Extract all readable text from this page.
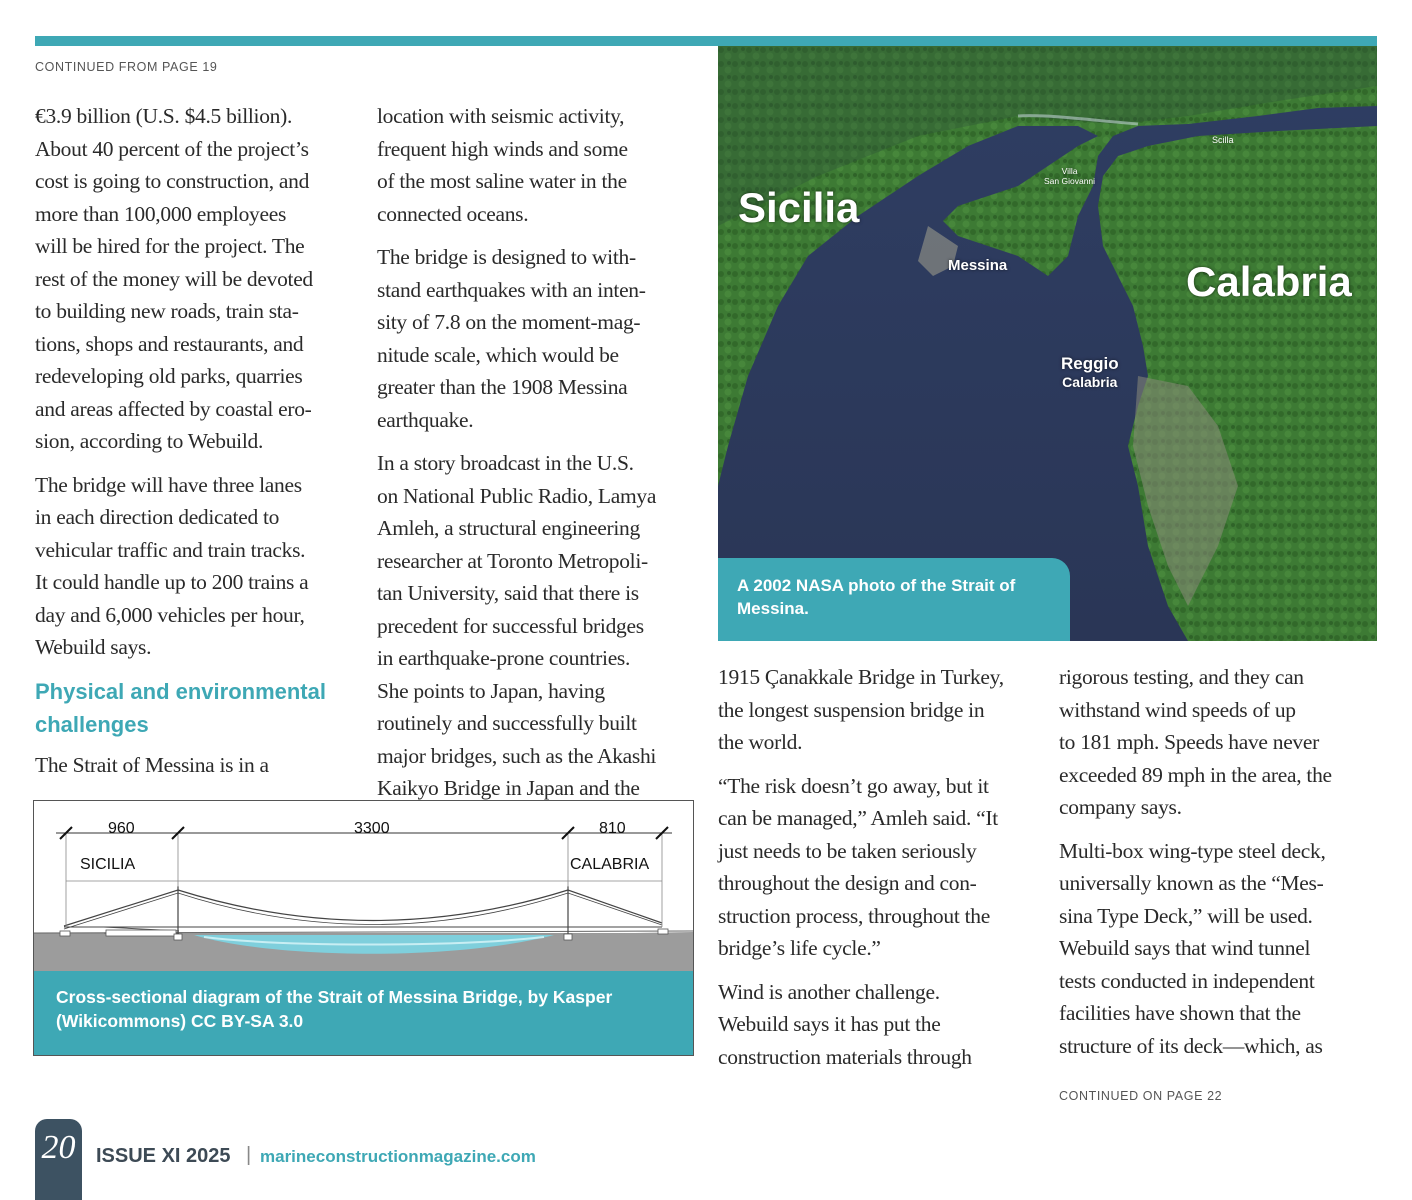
CONTINUED FROM PAGE 19

€3.9 billion (U.S. $4.5 billion).
About 40 percent of the project’s
cost is going to construction, and
more than 100,000 employees
will be hired for the project. The
rest of the money will be devoted
to building new roads, train sta-
tions, shops and restaurants, and
redeveloping old parks, quarries
and areas affected by coastal ero-
sion, according to Webuild.

The bridge will have three lanes
in each direction dedicated to
vehicular traffic and train tracks.
It could handle up to 200 trains a
day and 6,000 vehicles per hour,
Webuild says.

Physical and environmental
challenges

The Strait of Messina is in a

location with seismic activity,
frequent high winds and some
of the most saline water in the
connected oceans.

The bridge is designed to with-
stand earthquakes with an inten-
sity of 7.8 on the moment-mag-
nitude scale, which would be
greater than the 1908 Messina
earthquake.

In a story broadcast in the U.S.
on National Public Radio, Lamya
Amleh, a structural engineering
researcher at Toronto Metropoli-
tan University, said that there is
precedent for successful bridges
in earthquake-prone countries.
She points to Japan, having
routinely and successfully built
major bridges, such as the Akashi
Kaikyo Bridge in Japan and the

Sicilia
Calabria
Messina
Reggio
Calabria
Villa
San Giovanni
Scilla
A 2002 NASA photo of the Strait of Messina.
960	3300	810
SICILIA	CALABRIA
Cross-sectional diagram of the Strait of Messina Bridge, by Kasper (Wikicommons) CC BY-SA 3.0

1915 Çanakkale Bridge in Turkey,
the longest suspension bridge in
the world.

“The risk doesn’t go away, but it
can be managed,” Amleh said. “It
just needs to be taken seriously
throughout the design and con-
struction process, throughout the
bridge’s life cycle.”

Wind is another challenge.
Webuild says it has put the
construction materials through

rigorous testing, and they can
withstand wind speeds of up
to 181 mph. Speeds have never
exceeded 89 mph in the area, the
company says.

Multi-box wing-type steel deck,
universally known as the “Mes-
sina Type Deck,” will be used.
Webuild says that wind tunnel
tests conducted in independent
facilities have shown that the
structure of its deck—which, as

CONTINUED ON PAGE 22
20	ISSUE XI 2025 | marineconstructionmagazine.com
